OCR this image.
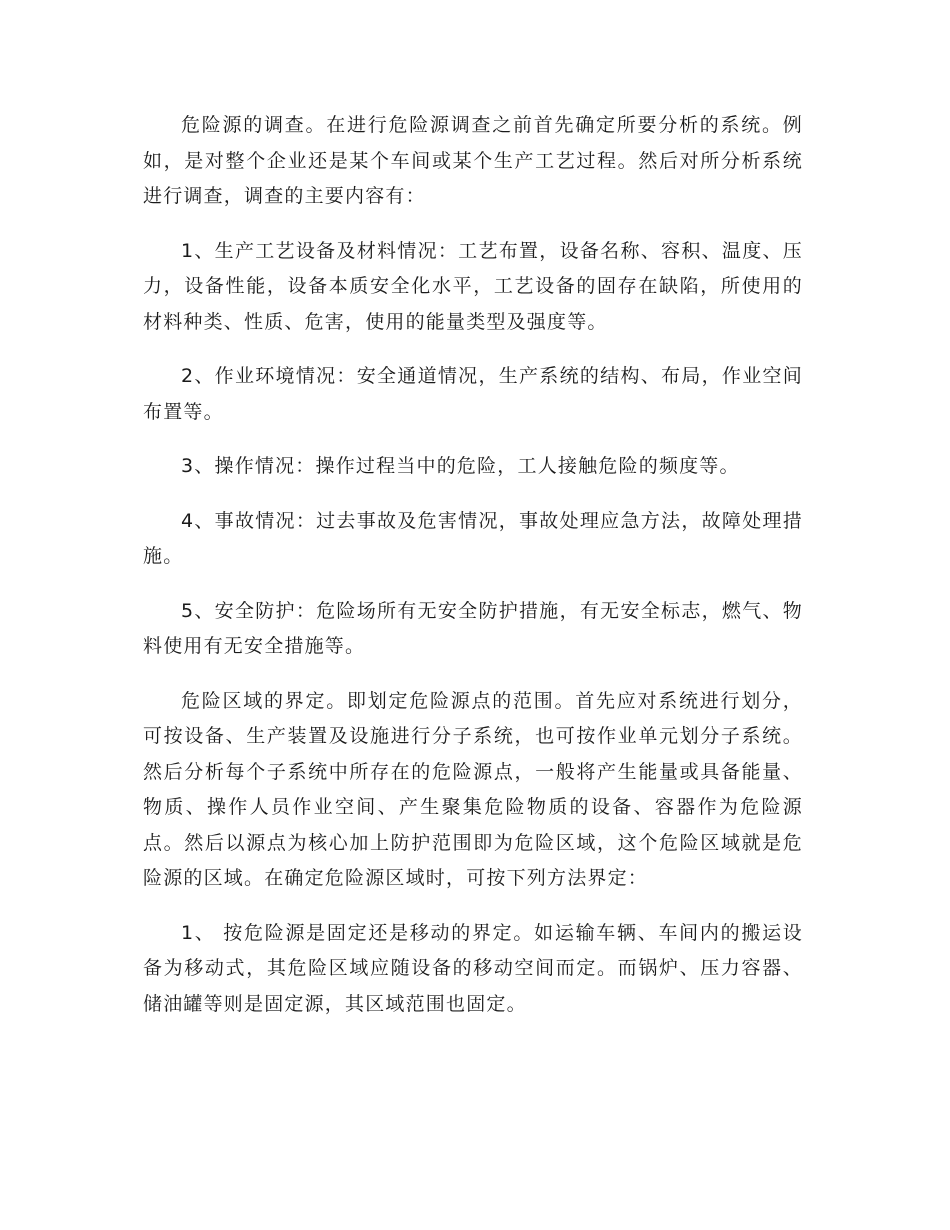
危险源的调查。在进行危险源调查之前首先确定所要分析的系统。例如，是对整个企业还是某个车间或某个生产工艺过程。然后对所分析系统进行调查，调查的主要内容有：

1、生产工艺设备及材料情况：工艺布置，设备名称、容积、温度、压力，设备性能，设备本质安全化水平，工艺设备的固存在缺陷，所使用的材料种类、性质、危害，使用的能量类型及强度等。

2、作业环境情况：安全通道情况，生产系统的结构、布局，作业空间布置等。

3、操作情况：操作过程当中的危险，工人接触危险的频度等。

4、事故情况：过去事故及危害情况，事故处理应急方法，故障处理措施。

5、安全防护：危险场所有无安全防护措施，有无安全标志，燃气、物料使用有无安全措施等。

危险区域的界定。即划定危险源点的范围。首先应对系统进行划分，可按设备、生产装置及设施进行分子系统，也可按作业单元划分子系统。然后分析每个子系统中所存在的危险源点，一般将产生能量或具备能量、物质、操作人员作业空间、产生聚集危险物质的设备、容器作为危险源点。然后以源点为核心加上防护范围即为危险区域，这个危险区域就是危险源的区域。在确定危险源区域时，可按下列方法界定：

1、 按危险源是固定还是移动的界定。如运输车辆、车间内的搬运设备为移动式，其危险区域应随设备的移动空间而定。而锅炉、压力容器、储油罐等则是固定源，其区域范围也固定。
